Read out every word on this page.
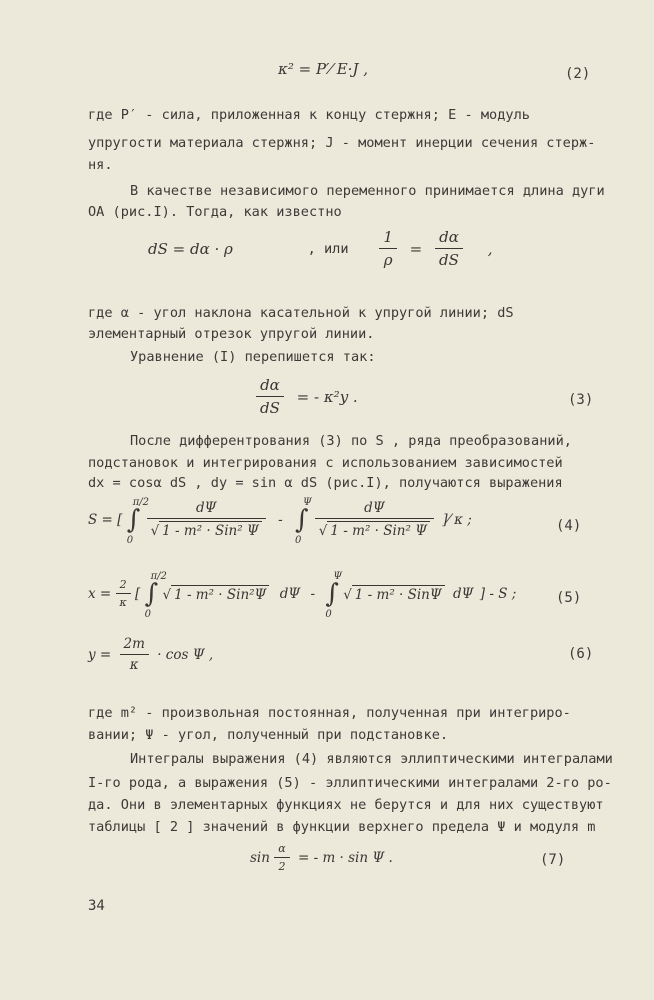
κ² = P′⁄ E·J ,	(2)
где P′ - сила, приложенная к концу стержня; E - модуль
упругости материала стержня; J - момент инерции сечения стерж-
ня.
В качестве независимого переменного принимается длина дуги
ОА (рис.I). Тогда, как известно
dS = dα · ρ	, или $\frac{1}{\rho} = \frac{d\alpha}{dS}$ ,
где α - угол наклона касательной к упругой линии; dS
элементарный отрезок упругой линии.
Уравнение (I) перепишется так:
$\frac{d\alpha}{dS}$ = - κ²y .	(3)
После дифферентрования (3) по S , ряда преобразований,
подстановок и интегрирования с использованием зависимостей
dx = cosα dS , dy = sin α dS (рис.I), получаются выражения
S = [ ∫
π/2
0

$\frac{d\Psi}{\text{√ 1 - m² · Sin² Ψ}}$ - ∫
Ψ
0

$\frac{d\Psi}{\text{√ 1 - m² · Sin² Ψ}}$ ]⁄ κ ;	(4)
$x = \frac{2}{\kappa}$ [ ∫
π/2
0
√ 1 - m² · Sin²Ψ dΨ - ∫
Ψ
0
√ 1 - m² · SinΨ dΨ ] - S ;	(5)
$y = \frac{2m}{\kappa} \cdot \cos \Psi$ ,	(6)
где m² - произвольная постоянная, полученная при интегриро-
вании; Ψ - угол, полученный при подстановке.
Интегралы выражения (4) являются эллиптическими интегралами
I-го рода, а выражения (5) - эллиптическими интегралами 2-го ро-
да. Они в элементарных функциях не берутся и для них существуют
таблицы [ 2 ] значений в функции верхнего предела Ψ и модуля m
$\sin \frac{\alpha}{2}$ = - m · sin Ψ .	(7)
34
